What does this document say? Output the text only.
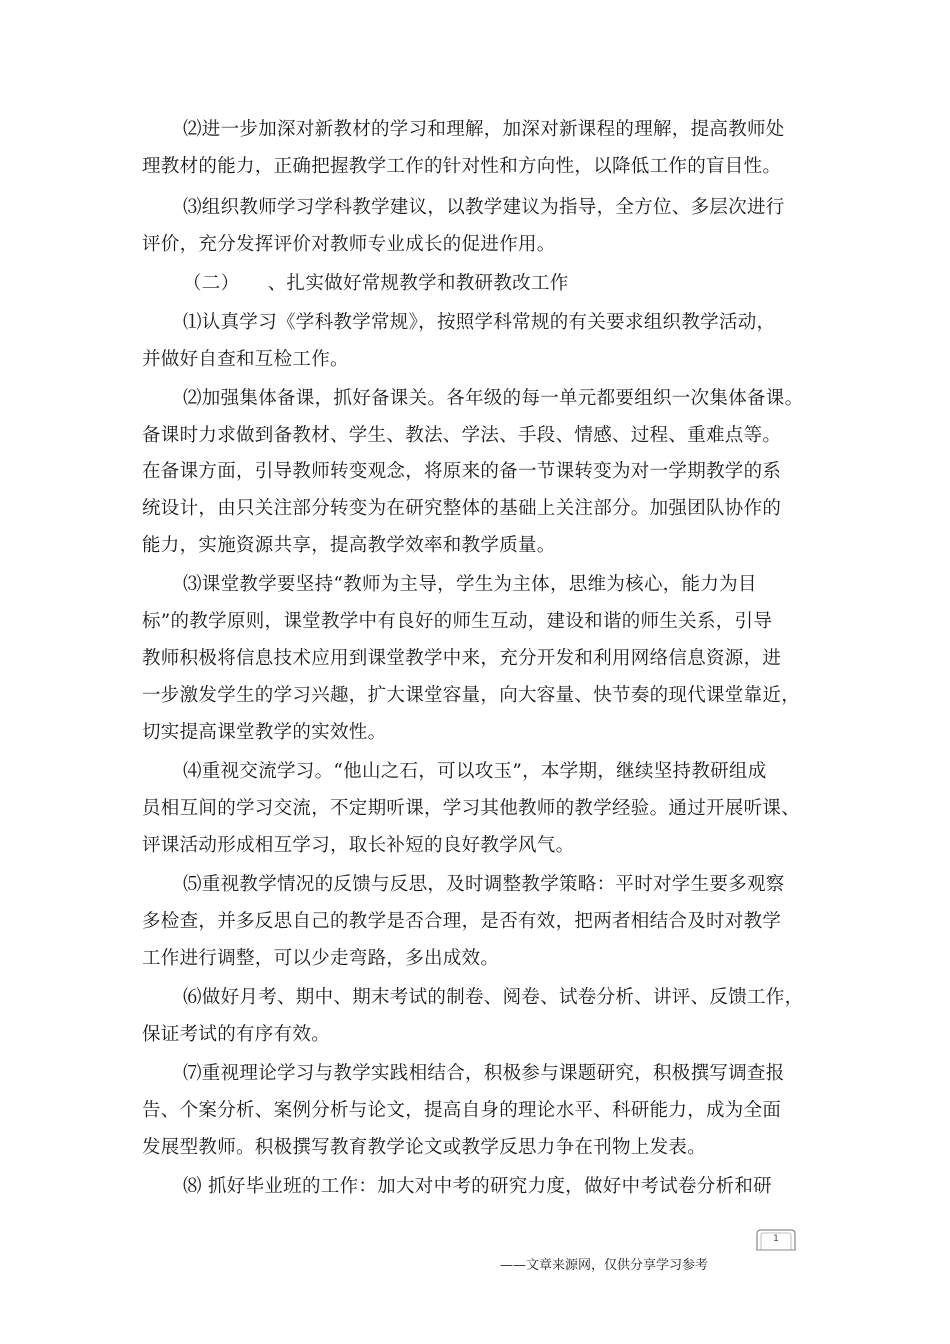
⑵进一步加深对新教材的学习和理解，加深对新课程的理解，提高教师处
理教材的能力，正确把握教学工作的针对性和方向性，以降低工作的盲目性。
⑶组织教师学习学科教学建议，以教学建议为指导，全方位、多层次进行
评价，充分发挥评价对教师专业成长的促进作用。
（二）　　、扎实做好常规教学和教研教改工作
⑴认真学习《学科教学常规》，按照学科常规的有关要求组织教学活动，
并做好自查和互检工作。
⑵加强集体备课，抓好备课关。各年级的每一单元都要组织一次集体备课。
备课时力求做到备教材、学生、教法、学法、手段、情感、过程、重难点等。
在备课方面，引导教师转变观念，将原来的备一节课转变为对一学期教学的系
统设计，由只关注部分转变为在研究整体的基础上关注部分。加强团队协作的
能力，实施资源共享，提高教学效率和教学质量。
⑶课堂教学要坚持“教师为主导，学生为主体，思维为核心，能力为目
标”的教学原则，课堂教学中有良好的师生互动，建设和谐的师生关系，引导
教师积极将信息技术应用到课堂教学中来，充分开发和利用网络信息资源，进
一步激发学生的学习兴趣，扩大课堂容量，向大容量、快节奏的现代课堂靠近，
切实提高课堂教学的实效性。
⑷重视交流学习。“他山之石，可以攻玉”，本学期，继续坚持教研组成
员相互间的学习交流，不定期听课，学习其他教师的教学经验。通过开展听课、
评课活动形成相互学习，取长补短的良好教学风气。
⑸重视教学情况的反馈与反思，及时调整教学策略：平时对学生要多观察
多检查，并多反思自己的教学是否合理，是否有效，把两者相结合及时对教学
工作进行调整，可以少走弯路，多出成效。
⑹做好月考、期中、期末考试的制卷、阅卷、试卷分析、讲评、反馈工作，
保证考试的有序有效。
⑺重视理论学习与教学实践相结合，积极参与课题研究，积极撰写调查报
告、个案分析、案例分析与论文，提高自身的理论水平、科研能力，成为全面
发展型教师。积极撰写教育教学论文或教学反思力争在刊物上发表。
⑻ 抓好毕业班的工作：加大对中考的研究力度，做好中考试卷分析和研
1
——文章来源网，仅供分享学习参考
